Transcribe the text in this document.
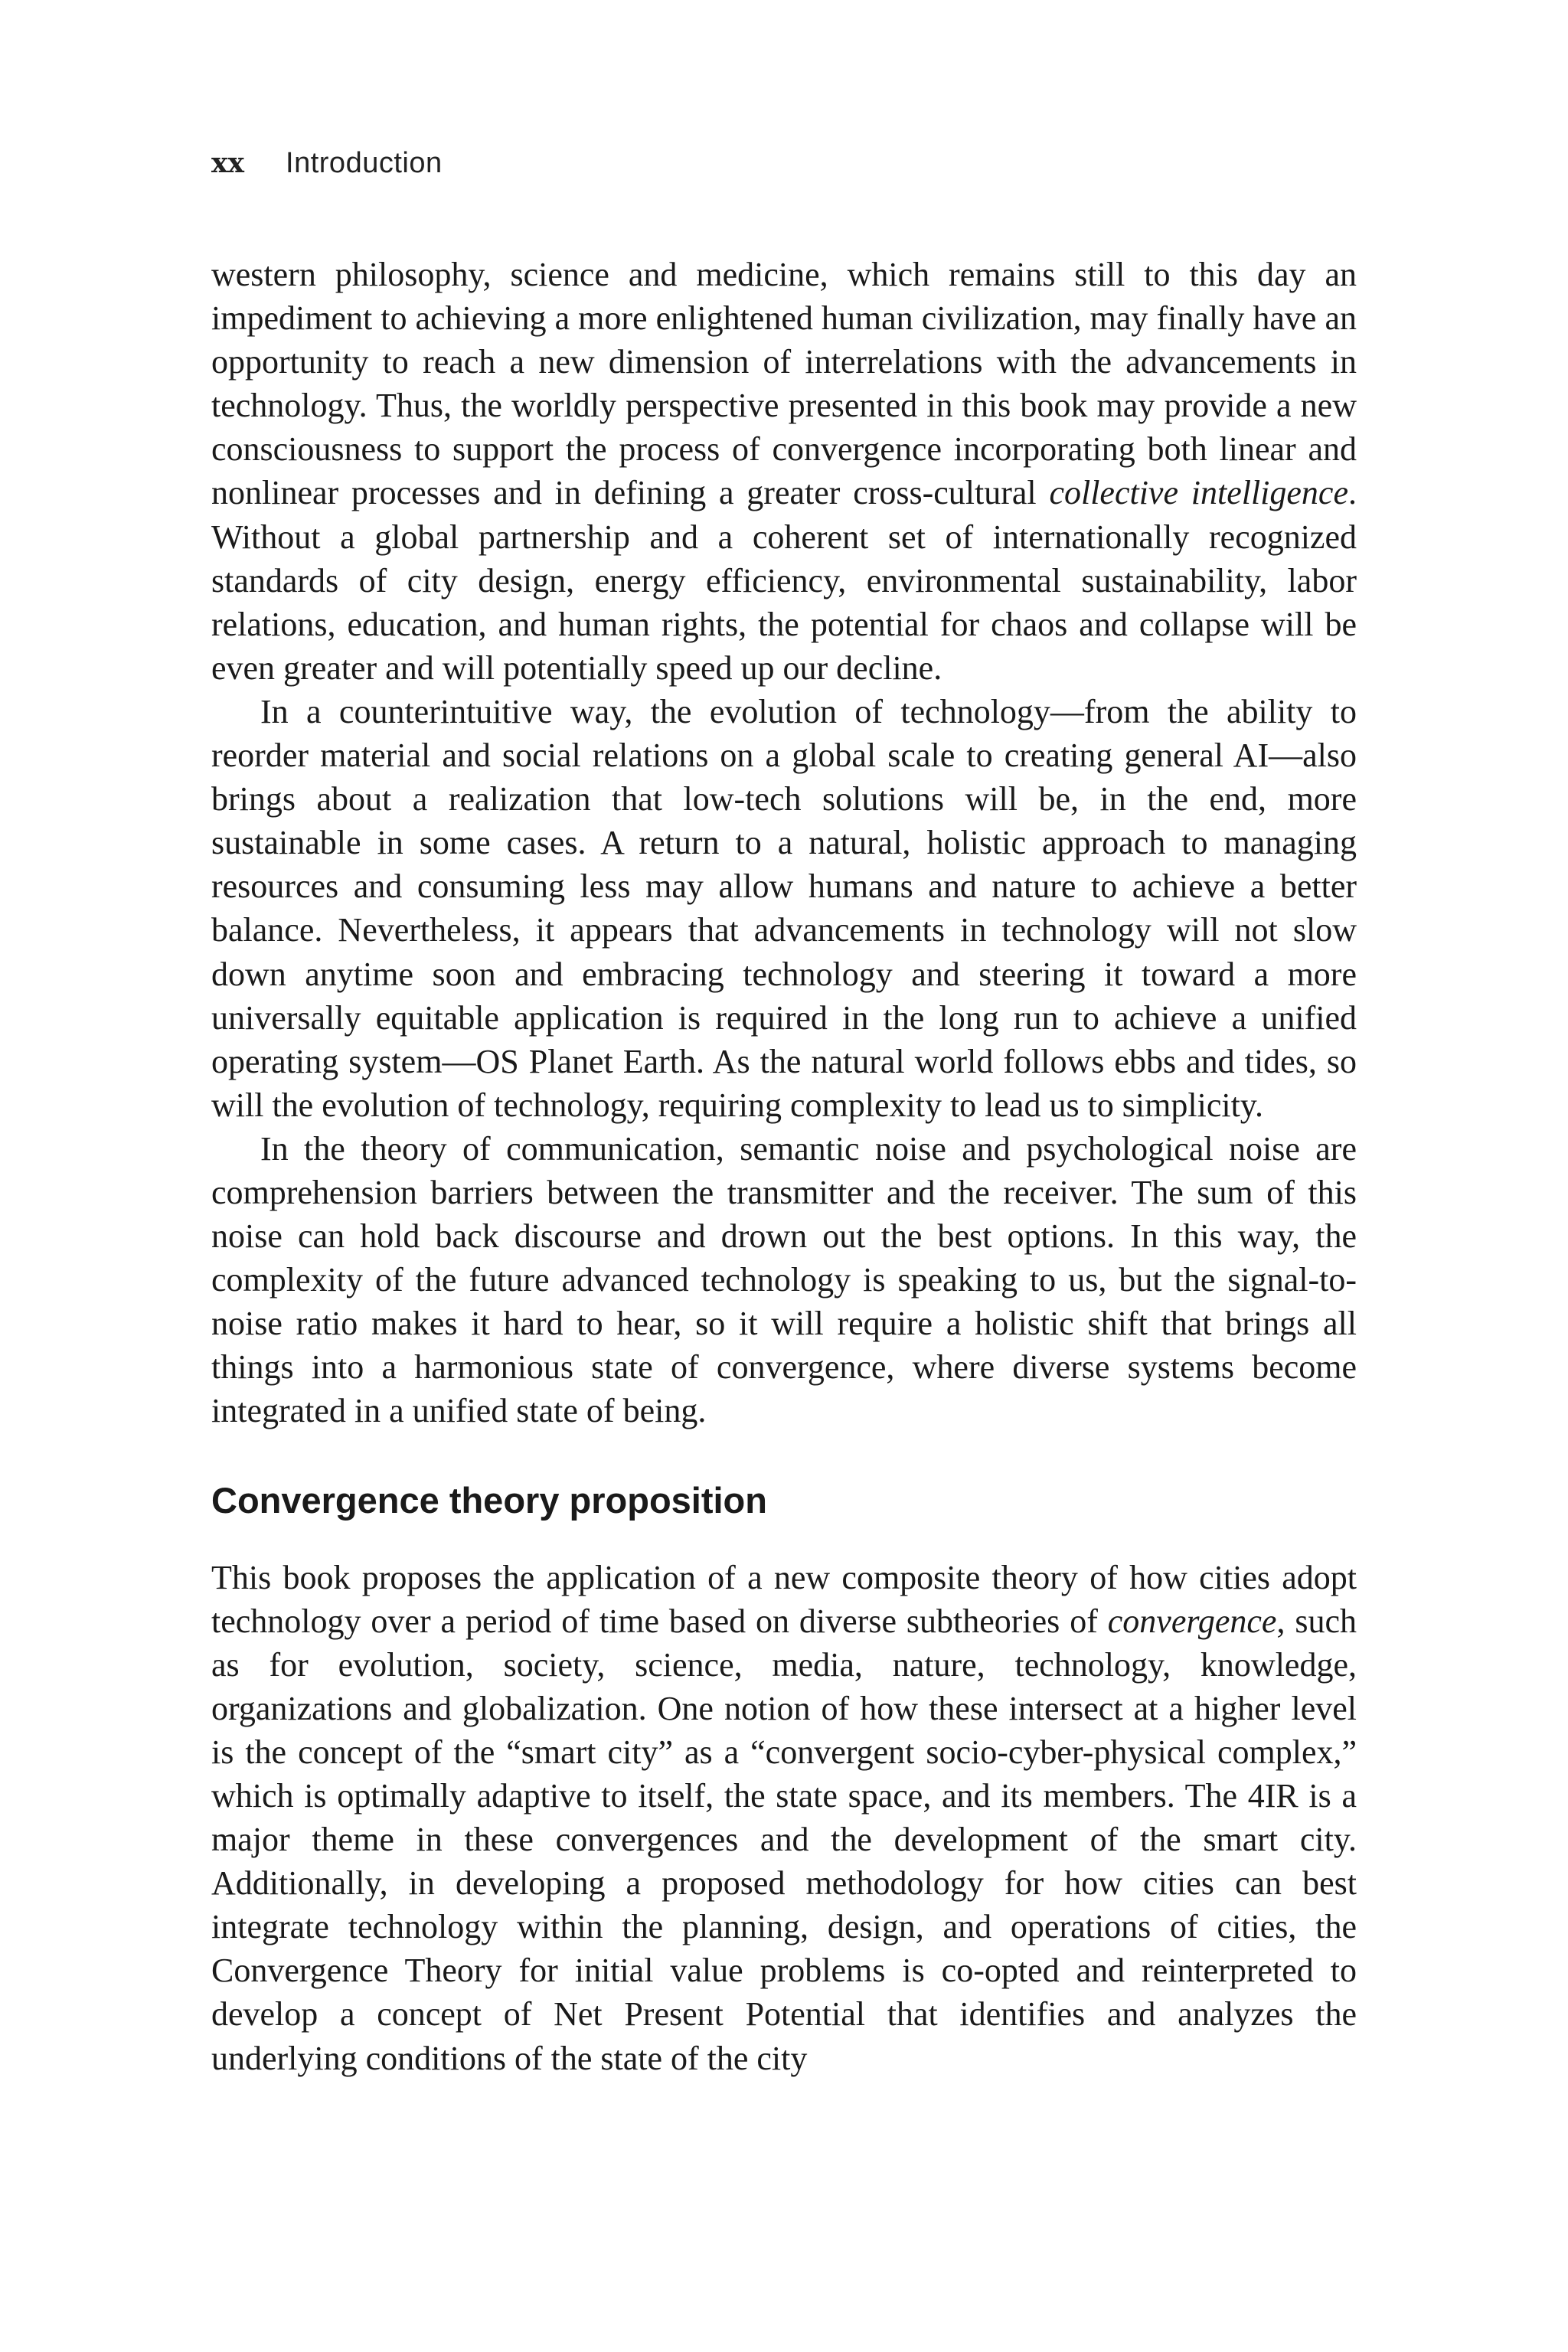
xx Introduction

western philosophy, science and medicine, which remains still to this day an impediment to achieving a more enlightened human civilization, may finally have an opportunity to reach a new dimension of interrelations with the advancements in technology. Thus, the worldly perspective presented in this book may provide a new consciousness to support the process of convergence incorporating both linear and nonlinear processes and in defining a greater cross-cultural collective intelligence. Without a global partnership and a coherent set of internationally recognized standards of city design, energy efficiency, environmental sustainability, labor relations, education, and human rights, the potential for chaos and collapse will be even greater and will potentially speed up our decline.

In a counterintuitive way, the evolution of technology—from the ability to reorder material and social relations on a global scale to creating general AI—also brings about a realization that low-tech solutions will be, in the end, more sustainable in some cases. A return to a natural, holistic approach to managing resources and consuming less may allow humans and nature to achieve a better balance. Nevertheless, it appears that advancements in technology will not slow down anytime soon and embracing technology and steering it toward a more universally equitable application is required in the long run to achieve a unified operating system—OS Planet Earth. As the natural world follows ebbs and tides, so will the evolution of technology, requiring complexity to lead us to simplicity.

In the theory of communication, semantic noise and psychological noise are comprehension barriers between the transmitter and the receiver. The sum of this noise can hold back discourse and drown out the best options. In this way, the complexity of the future advanced technology is speaking to us, but the signal-to-noise ratio makes it hard to hear, so it will require a holistic shift that brings all things into a harmonious state of convergence, where diverse systems become integrated in a unified state of being.

Convergence theory proposition

This book proposes the application of a new composite theory of how cities adopt technology over a period of time based on diverse subtheories of convergence, such as for evolution, society, science, media, nature, technology, knowledge, organizations and globalization. One notion of how these intersect at a higher level is the concept of the “smart city” as a “convergent socio-cyber-physical complex,” which is optimally adaptive to itself, the state space, and its members. The 4IR is a major theme in these convergences and the development of the smart city. Additionally, in developing a proposed methodology for how cities can best integrate technology within the planning, design, and operations of cities, the Convergence Theory for initial value problems is co-opted and reinterpreted to develop a concept of Net Present Potential that identifies and analyzes the underlying conditions of the state of the city
